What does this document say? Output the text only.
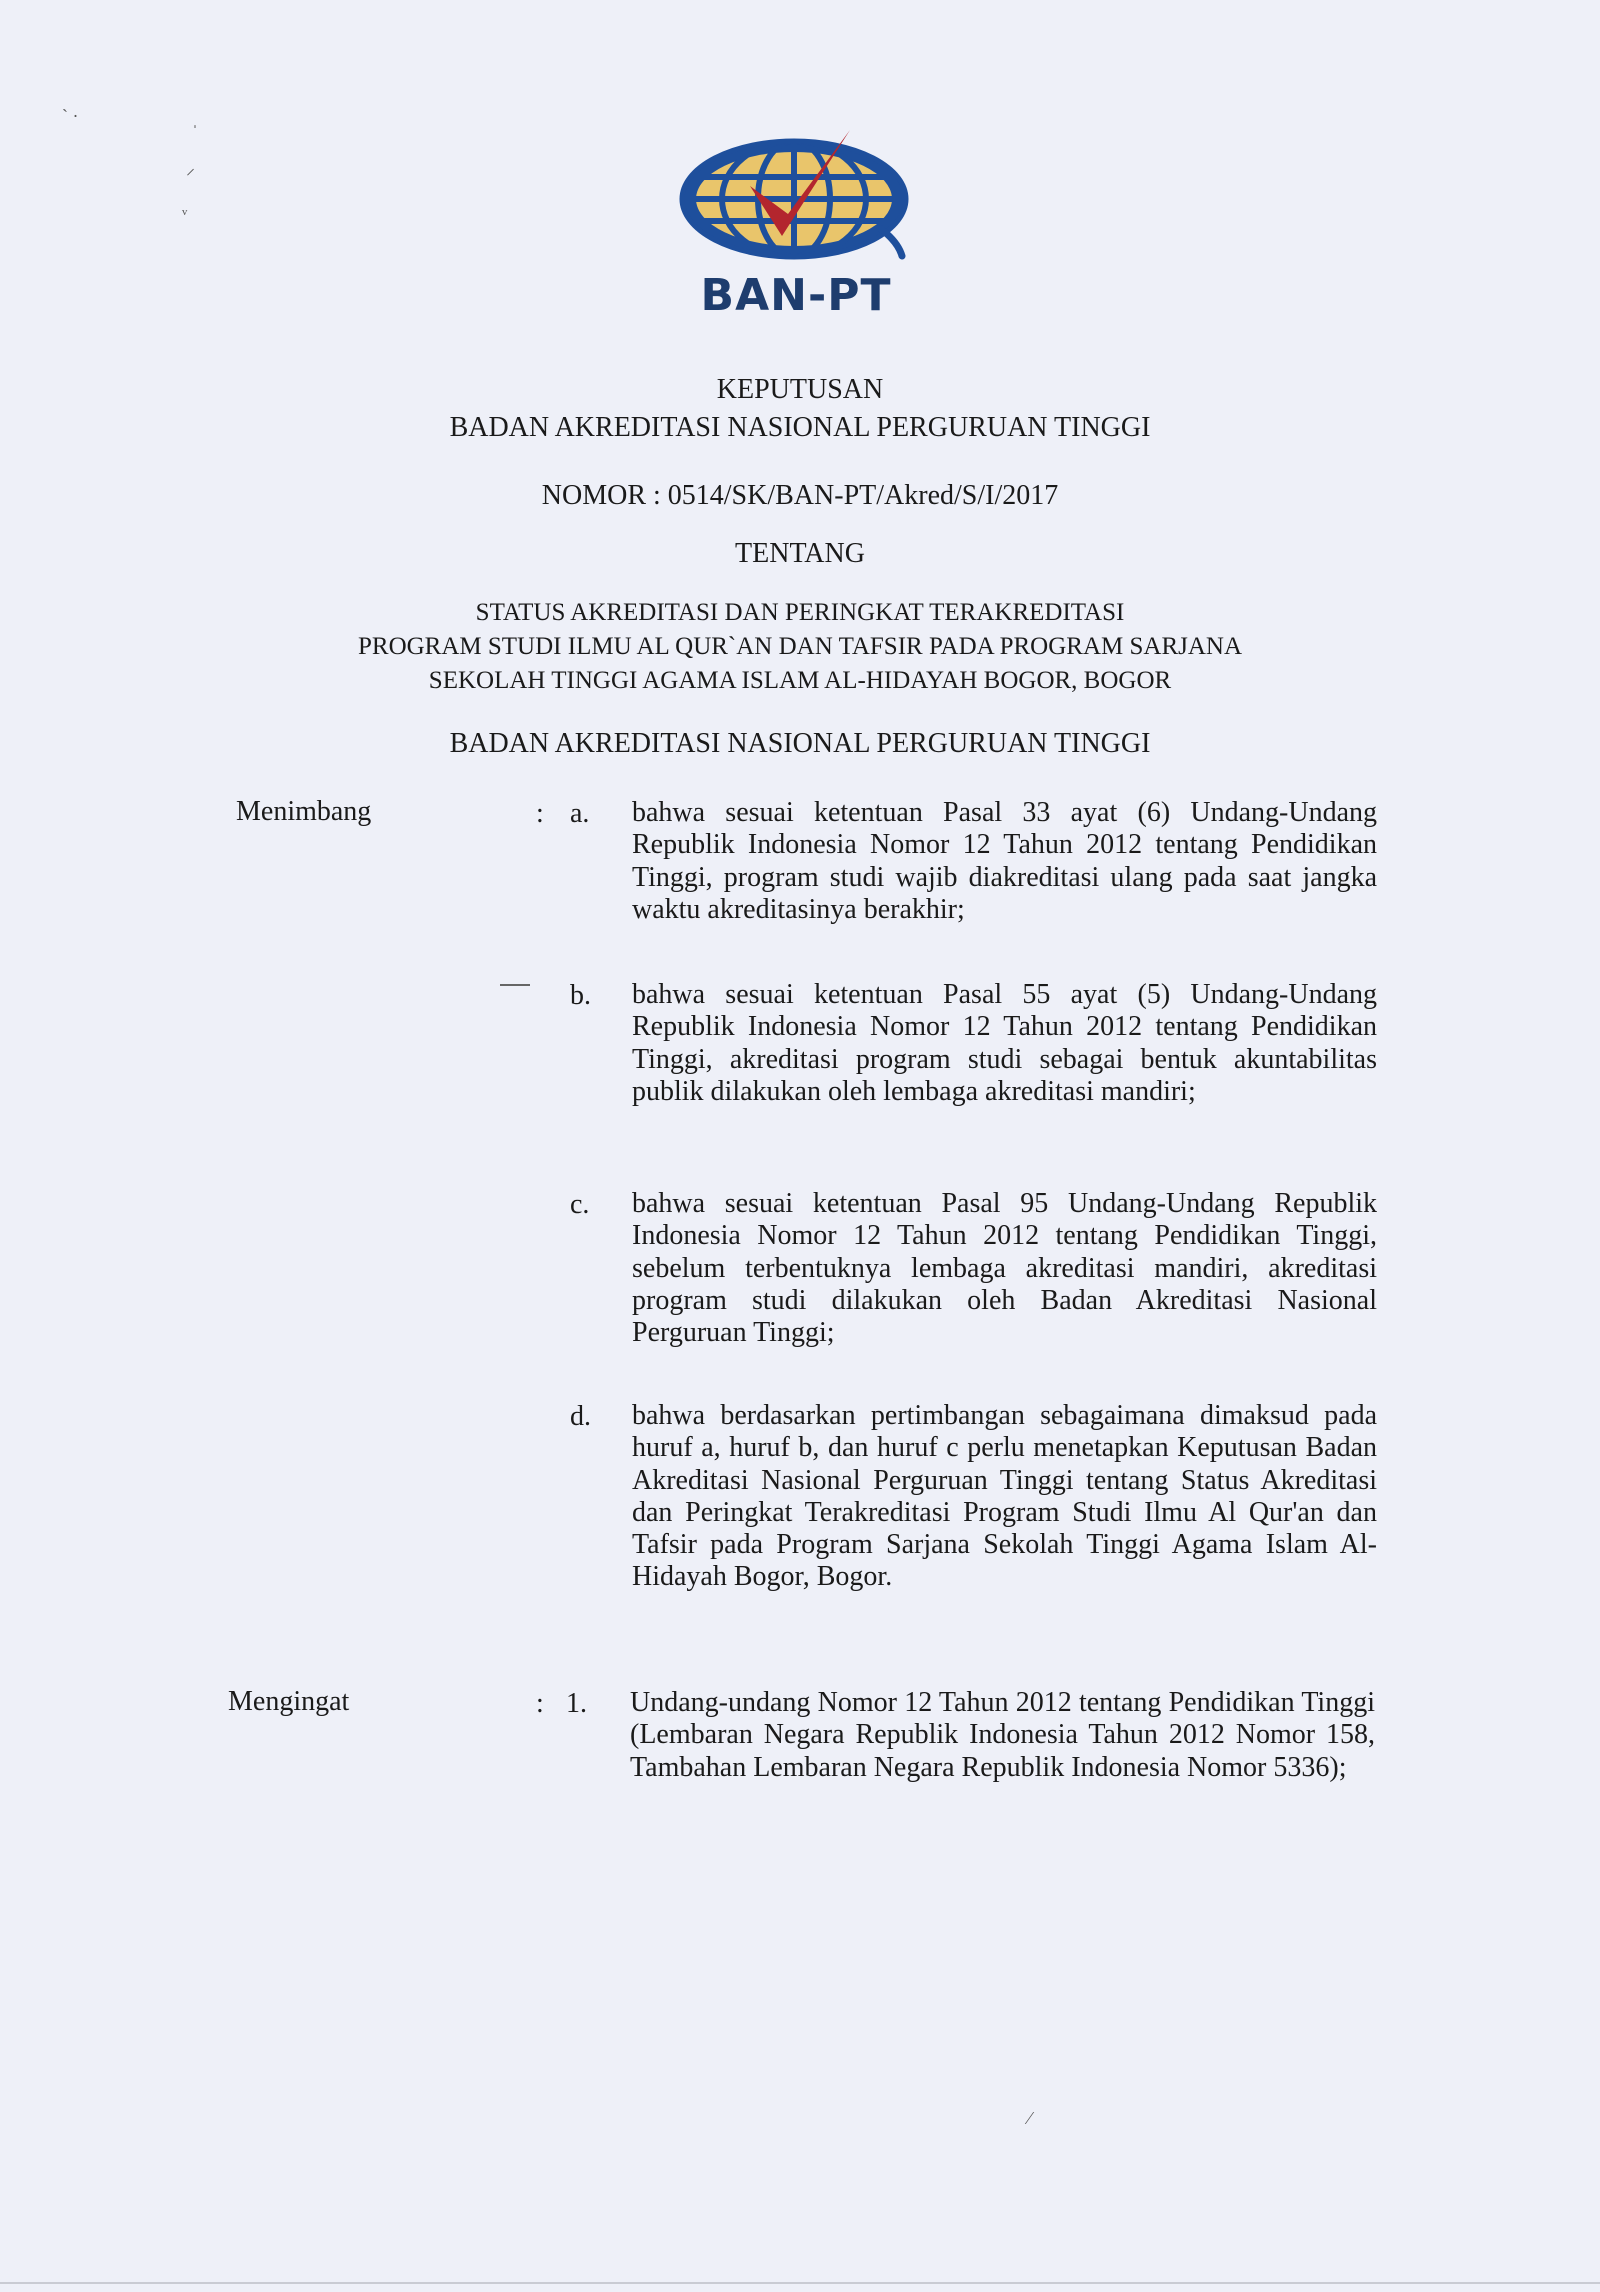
ˋ ·	ˌ
⸝
ᵛ
⁄
BAN-PT
KEPUTUSAN
BADAN AKREDITASI NASIONAL PERGURUAN TINGGI
NOMOR : 0514/SK/BAN-PT/Akred/S/I/2017
TENTANG
STATUS AKREDITASI DAN PERINGKAT TERAKREDITASI
PROGRAM STUDI ILMU AL QUR`AN DAN TAFSIR PADA PROGRAM SARJANA
SEKOLAH TINGGI AGAMA ISLAM AL-HIDAYAH BOGOR, BOGOR
BADAN AKREDITASI NASIONAL PERGURUAN TINGGI
Menimbang	: a. bahwa sesuai ketentuan Pasal 33 ayat (6) Undang-Undang Republik Indonesia Nomor 12 Tahun 2012 tentang Pendidikan Tinggi, program studi wajib diakreditasi ulang pada saat jangka waktu akreditasinya berakhir;
b. bahwa sesuai ketentuan Pasal 55 ayat (5) Undang-Undang Republik Indonesia Nomor 12 Tahun 2012 tentang Pendidikan Tinggi, akreditasi program studi sebagai bentuk akuntabilitas publik dilakukan oleh lembaga akreditasi mandiri;
c. bahwa sesuai ketentuan Pasal 95 Undang-Undang Republik Indonesia Nomor 12 Tahun 2012 tentang Pendidikan Tinggi, sebelum terbentuknya lembaga akreditasi mandiri, akreditasi program studi dilakukan oleh Badan Akreditasi Nasional Perguruan Tinggi;
d. bahwa berdasarkan pertimbangan sebagaimana dimaksud pada huruf a, huruf b, dan huruf c perlu menetapkan Keputusan Badan Akreditasi Nasional Perguruan Tinggi tentang Status Akreditasi dan Peringkat Terakreditasi Program Studi Ilmu Al Qur'an dan Tafsir pada Program Sarjana Sekolah Tinggi Agama Islam Al-Hidayah Bogor, Bogor.
Mengingat	: 1. Undang-undang Nomor 12 Tahun 2012 tentang Pendidikan Tinggi (Lembaran Negara Republik Indonesia Tahun 2012 Nomor 158, Tambahan Lembaran Negara Republik Indonesia Nomor 5336);
